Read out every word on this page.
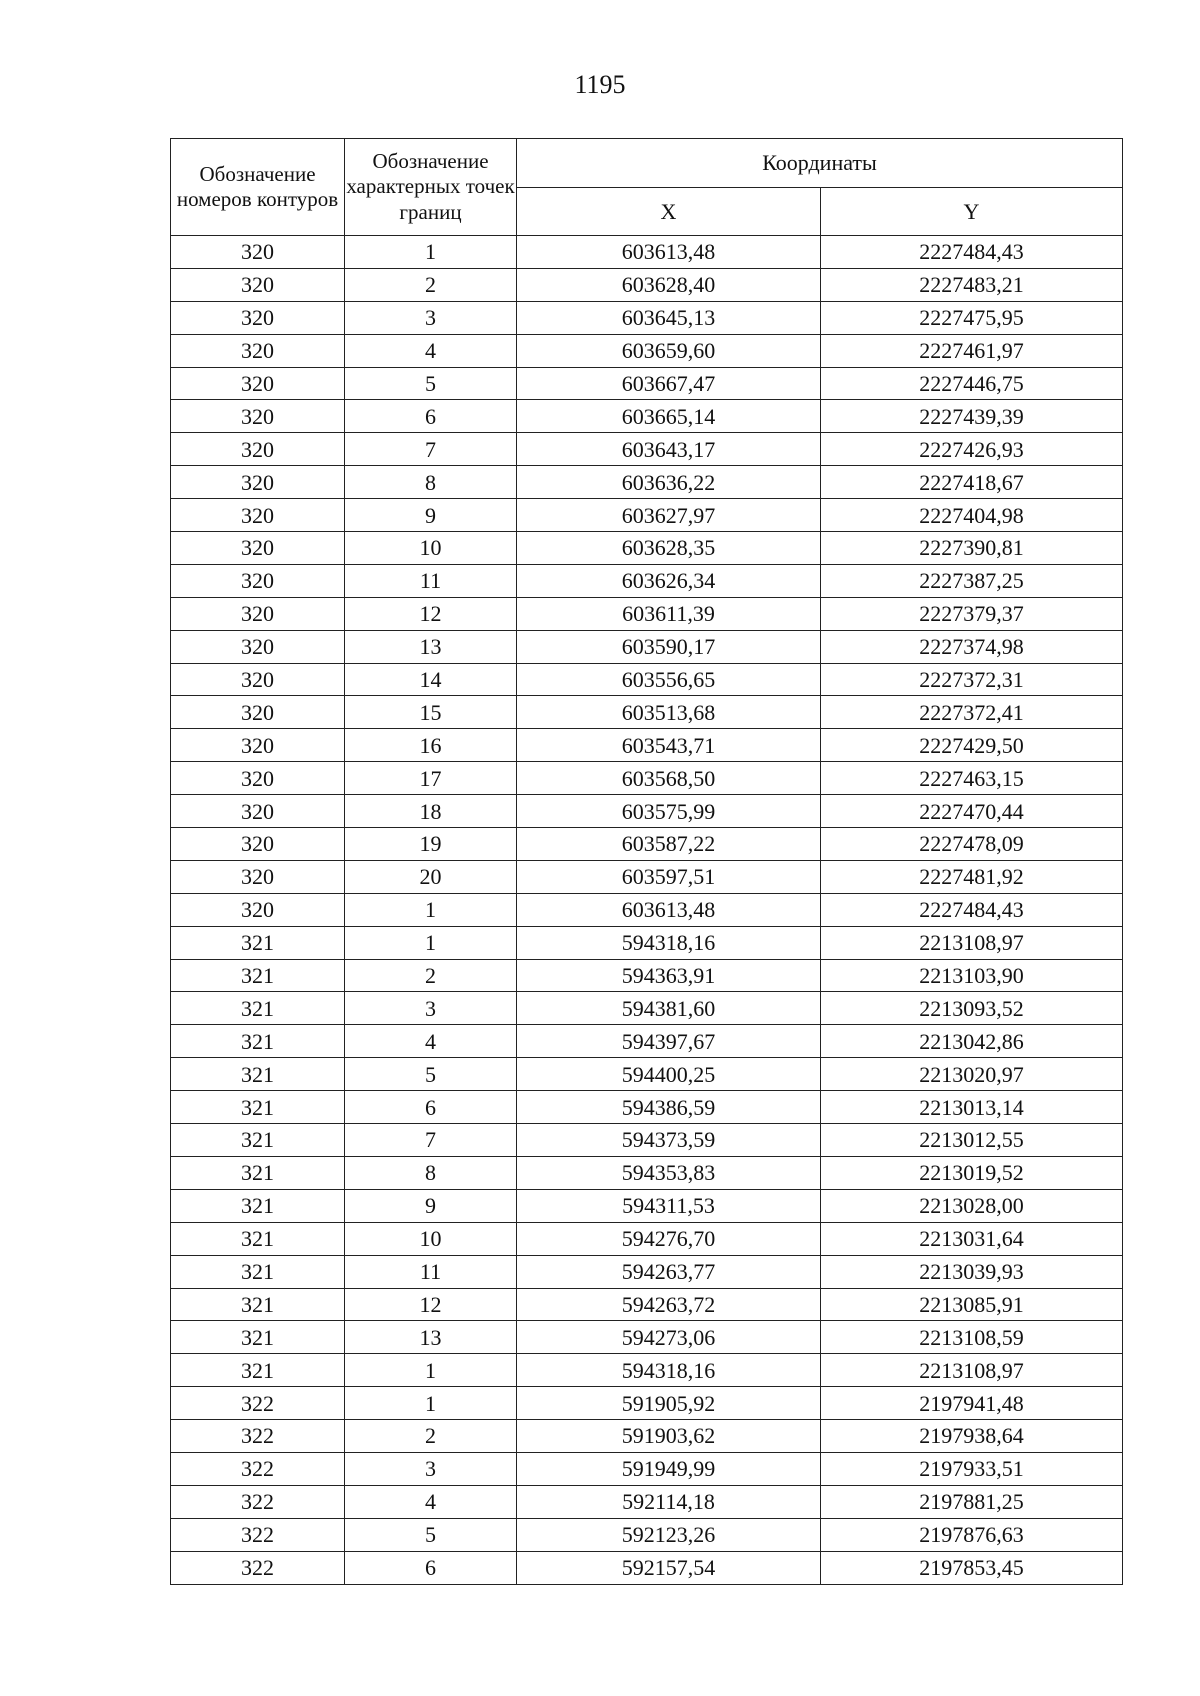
1195
Обозначение номеров контуров	Обозначение характерных точек границ	Координаты	
		X	Y
320	1	603613,48	2227484,43
320	2	603628,40	2227483,21
320	3	603645,13	2227475,95
320	4	603659,60	2227461,97
320	5	603667,47	2227446,75
320	6	603665,14	2227439,39
320	7	603643,17	2227426,93
320	8	603636,22	2227418,67
320	9	603627,97	2227404,98
320	10	603628,35	2227390,81
320	11	603626,34	2227387,25
320	12	603611,39	2227379,37
320	13	603590,17	2227374,98
320	14	603556,65	2227372,31
320	15	603513,68	2227372,41
320	16	603543,71	2227429,50
320	17	603568,50	2227463,15
320	18	603575,99	2227470,44
320	19	603587,22	2227478,09
320	20	603597,51	2227481,92
320	1	603613,48	2227484,43
321	1	594318,16	2213108,97
321	2	594363,91	2213103,90
321	3	594381,60	2213093,52
321	4	594397,67	2213042,86
321	5	594400,25	2213020,97
321	6	594386,59	2213013,14
321	7	594373,59	2213012,55
321	8	594353,83	2213019,52
321	9	594311,53	2213028,00
321	10	594276,70	2213031,64
321	11	594263,77	2213039,93
321	12	594263,72	2213085,91
321	13	594273,06	2213108,59
321	1	594318,16	2213108,97
322	1	591905,92	2197941,48
322	2	591903,62	2197938,64
322	3	591949,99	2197933,51
322	4	592114,18	2197881,25
322	5	592123,26	2197876,63
322	6	592157,54	2197853,45
